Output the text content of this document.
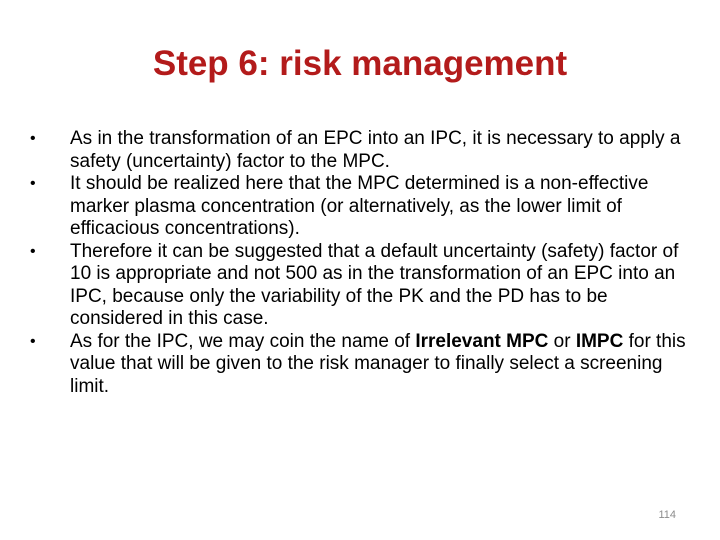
Step 6: risk management
•	As in the transformation of an EPC into an IPC, it is necessary to apply a safety (uncertainty) factor to the MPC.
•	It should be realized here that the MPC determined is a non-effective marker plasma concentration (or alternatively, as the lower limit of efficacious concentrations).
•	Therefore it can be suggested that a default uncertainty (safety) factor of 10 is appropriate and not 500 as in the transformation of an EPC into an IPC, because only the variability of the PK and the PD has to be considered in this case.
•	As for the IPC, we may coin the name of Irrelevant MPC or IMPC for this value that will be given to the risk manager to finally select a screening limit.
114
